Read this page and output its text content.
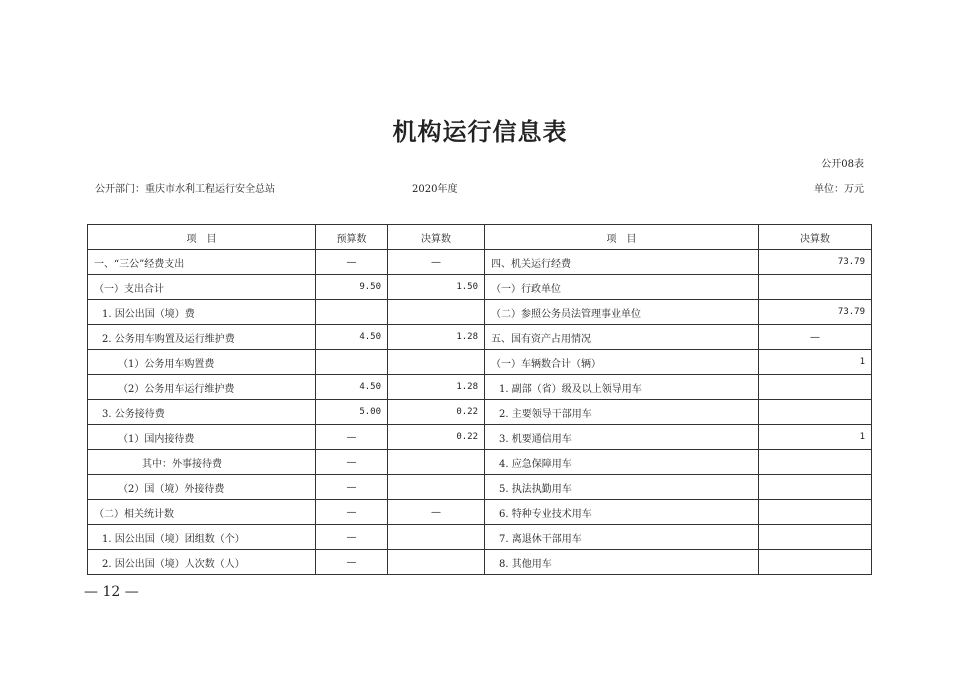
机构运行信息表
公开08表
公开部门：重庆市水利工程运行安全总站	2020年度	单位：万元
项　目	预算数	决算数	项　目	决算数
一、“三公”经费支出	—	—	四、机关运行经费	73.79
（一）支出合计	9.50	1.50	（一）行政单位	
1. 因公出国（境）费			（二）参照公务员法管理事业单位	73.79
2. 公务用车购置及运行维护费	4.50	1.28	五、国有资产占用情况	—
（1）公务用车购置费			（一）车辆数合计（辆）	1
（2）公务用车运行维护费	4.50	1.28	1. 副部（省）级及以上领导用车	
3. 公务接待费	5.00	0.22	2. 主要领导干部用车	
（1）国内接待费	—	0.22	3. 机要通信用车	1
其中：外事接待费	—		4. 应急保障用车	
（2）国（境）外接待费	—		5. 执法执勤用车	
（二）相关统计数	—	—	6. 特种专业技术用车	
1. 因公出国（境）团组数（个）	—		7. 离退休干部用车	
2. 因公出国（境）人次数（人）	—		8. 其他用车	
— 12 —
